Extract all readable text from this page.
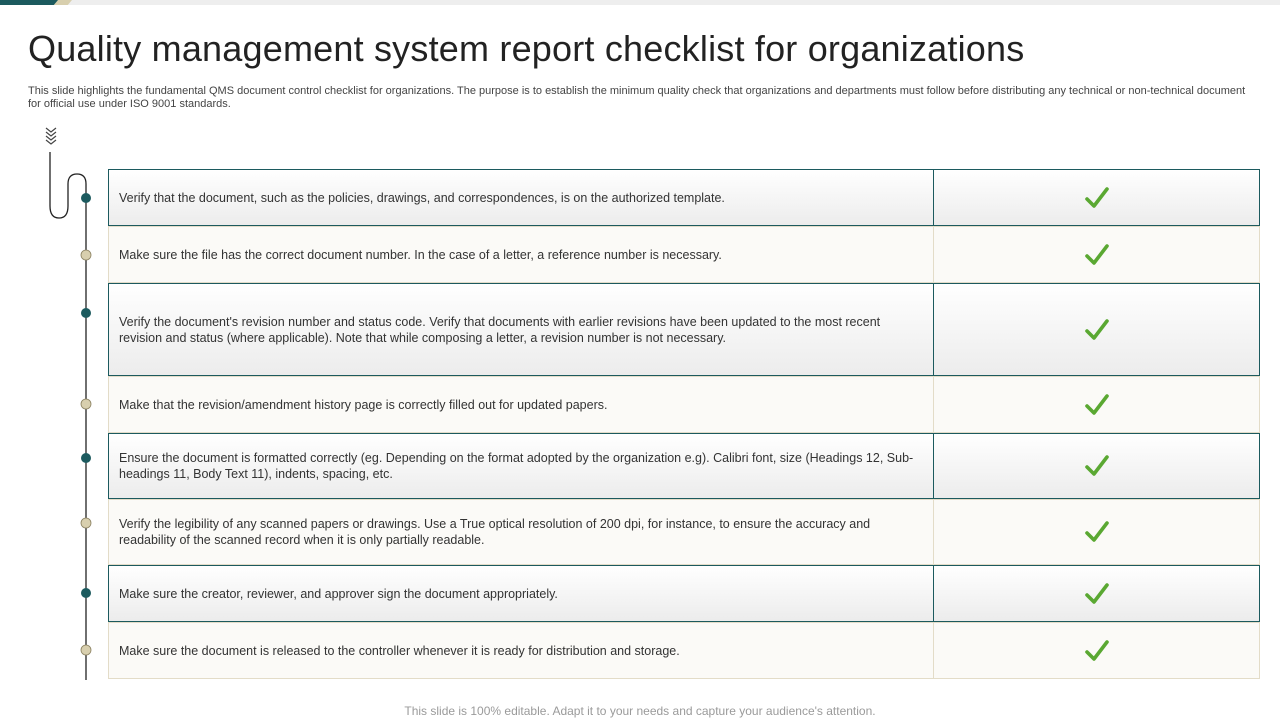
Quality management system report checklist for organizations

This slide highlights the fundamental QMS document control checklist for organizations. The purpose is to establish the minimum quality check that organizations and departments must follow before distributing any technical or non-technical document for official use under ISO 9001 standards.

Verify that the document, such as the policies, drawings, and correspondences, is on the authorized template.
Make sure the file has the correct document number. In the case of a letter, a reference number is necessary.
Verify the document's revision number and status code. Verify that documents with earlier revisions have been updated to the most recent revision and status (where applicable). Note that while composing a letter, a revision number is not necessary.
Make that the revision/amendment history page is correctly filled out for updated papers.
Ensure the document is formatted correctly (eg. Depending on the format adopted by the organization e.g). Calibri font, size (Headings 12, Sub-headings 11, Body Text 11), indents, spacing, etc.
Verify the legibility of any scanned papers or drawings. Use a True optical resolution of 200 dpi, for instance, to ensure the accuracy and readability of the scanned record when it is only partially readable.
Make sure the creator, reviewer, and approver sign the document appropriately.
Make sure the document is released to the controller whenever it is ready for distribution and storage.
This slide is 100% editable. Adapt it to your needs and capture your audience's attention.
